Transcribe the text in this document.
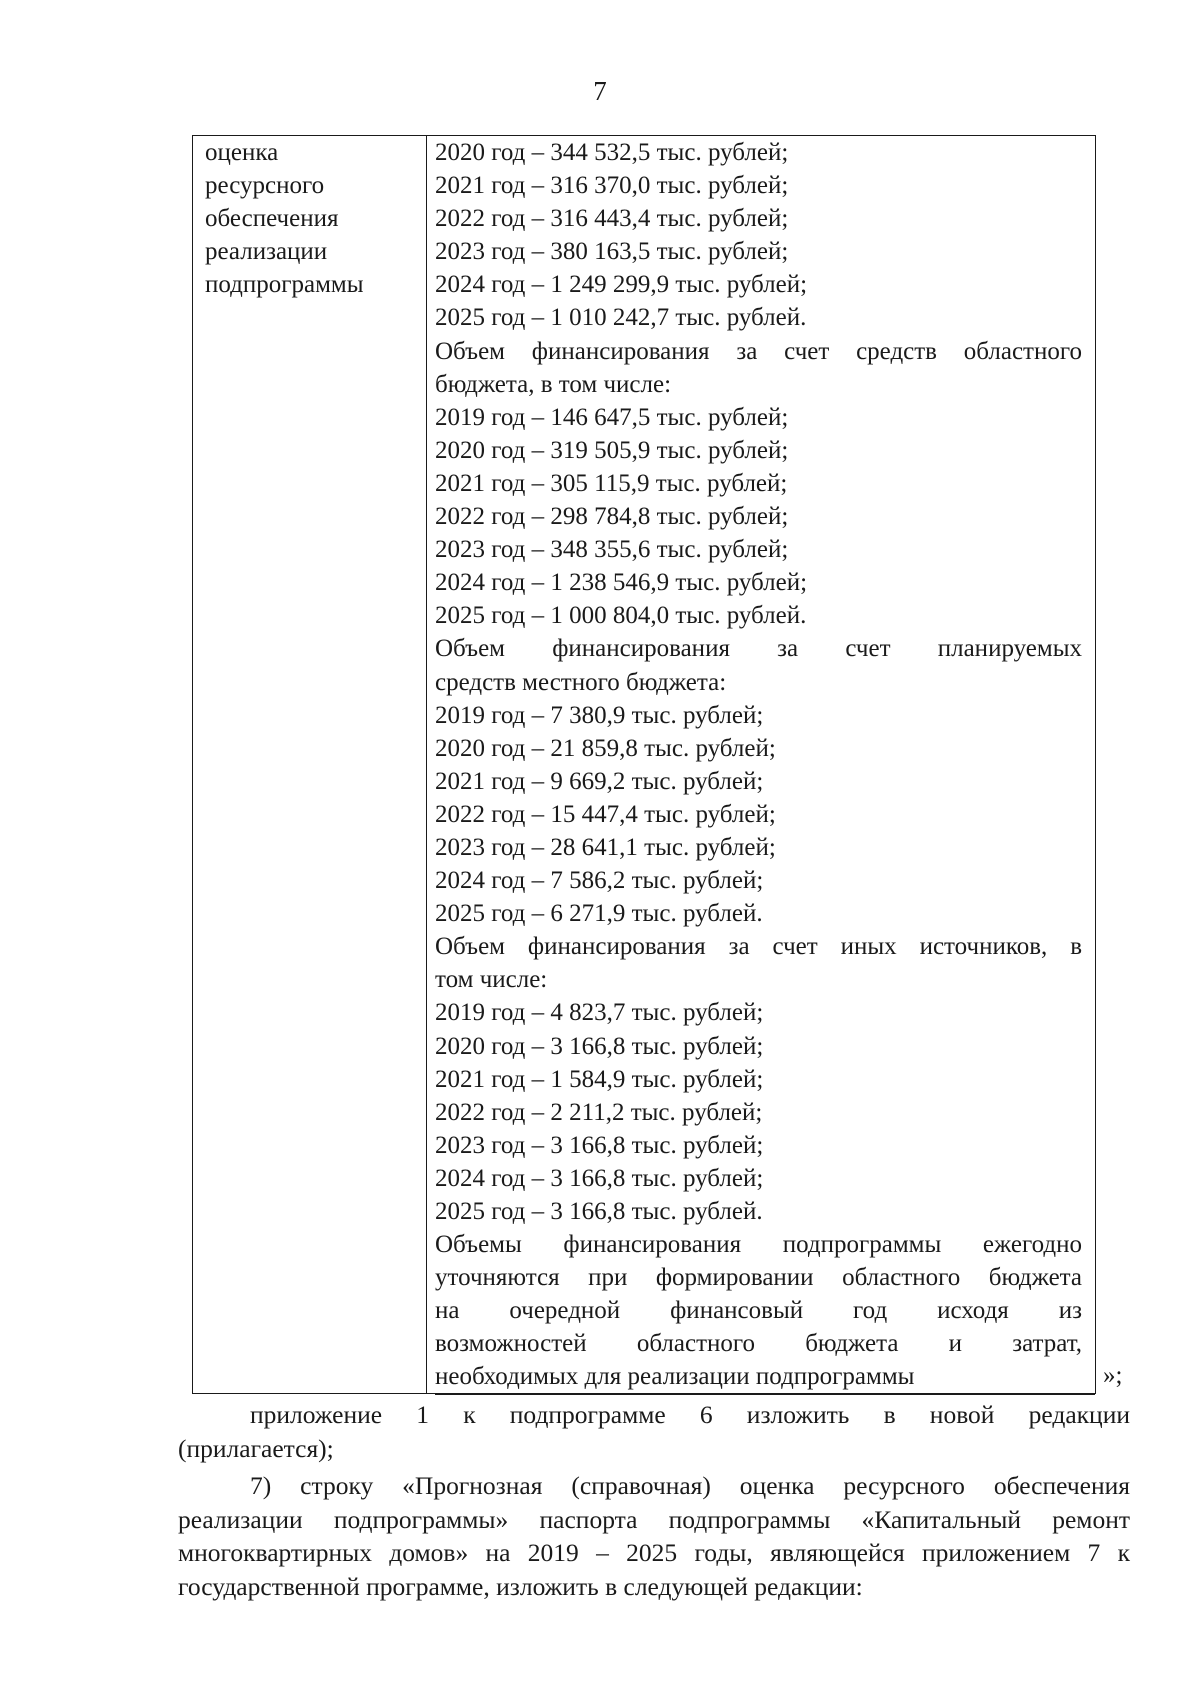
7
оценка
ресурсного
обеспечения
реализации
подпрограммы
2020 год – 344 532,5 тыс. рублей;
2021 год – 316 370,0 тыс. рублей;
2022 год – 316 443,4 тыс. рублей;
2023 год – 380 163,5 тыс. рублей;
2024 год – 1 249 299,9 тыс. рублей;
2025 год – 1 010 242,7 тыс. рублей.
Объем финансирования за счет средств областного
бюджета, в том числе:
2019 год – 146 647,5 тыс. рублей;
2020 год – 319 505,9 тыс. рублей;
2021 год – 305 115,9 тыс. рублей;
2022 год – 298 784,8 тыс. рублей;
2023 год – 348 355,6 тыс. рублей;
2024 год – 1 238 546,9 тыс. рублей;
2025 год – 1 000 804,0 тыс. рублей.
Объем финансирования за счет планируемых
средств местного бюджета:
2019 год – 7 380,9 тыс. рублей;
2020 год – 21 859,8 тыс. рублей;
2021 год – 9 669,2 тыс. рублей;
2022 год – 15 447,4 тыс. рублей;
2023 год – 28 641,1 тыс. рублей;
2024 год – 7 586,2 тыс. рублей;
2025 год – 6 271,9 тыс. рублей.
Объем финансирования за счет иных источников, в
том числе:
2019 год – 4 823,7 тыс. рублей;
2020 год – 3 166,8 тыс. рублей;
2021 год – 1 584,9 тыс. рублей;
2022 год – 2 211,2 тыс. рублей;
2023 год – 3 166,8 тыс. рублей;
2024 год – 3 166,8 тыс. рублей;
2025 год – 3 166,8 тыс. рублей.
Объемы финансирования подпрограммы ежегодно
уточняются при формировании областного бюджета
на очередной финансовый год исходя из
возможностей областного бюджета и затрат,
необходимых для реализации подпрограммы	»;
приложение 1 к подпрограмме 6 изложить в новой редакции
(прилагается);
7) строку «Прогнозная (справочная) оценка ресурсного обеспечения
реализации подпрограммы» паспорта подпрограммы «Капитальный ремонт
многоквартирных домов» на 2019 – 2025 годы, являющейся приложением 7 к
государственной программе, изложить в следующей редакции:
